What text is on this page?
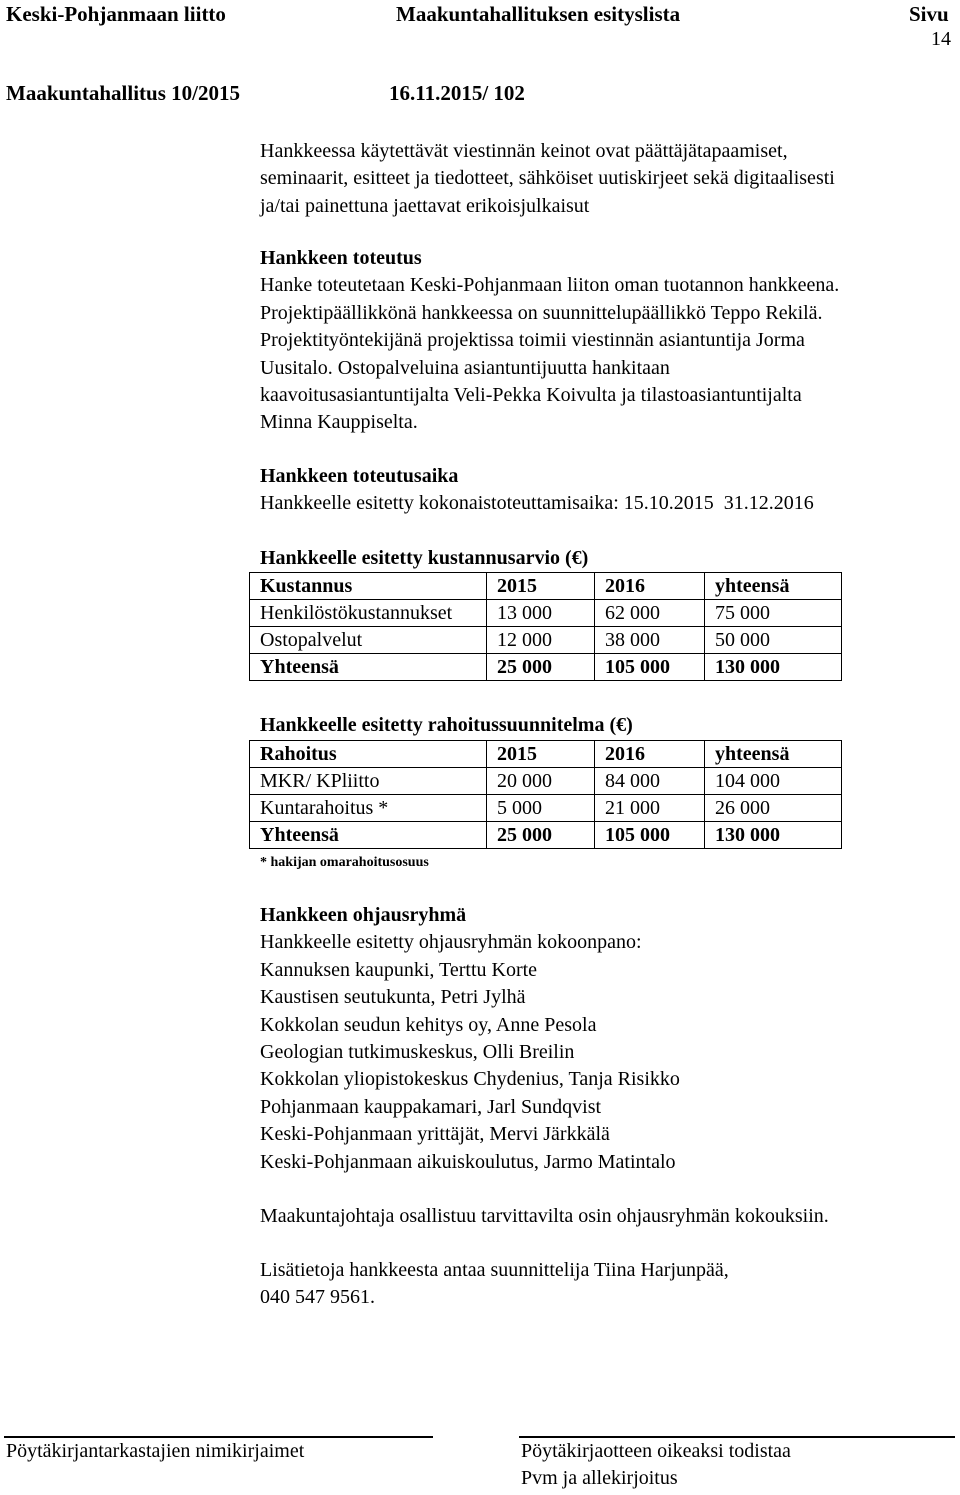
Keski-Pohjanmaan liitto	Maakuntahallituksen esityslista	Sivu
14
Maakuntahallitus 10/2015	16.11.2015/ 102
Hankkeessa käytettävät viestinnän keinot ovat päättäjätapaamiset,
seminaarit, esitteet ja tiedotteet, sähköiset uutiskirjeet sekä digitaalisesti
ja/tai painettuna jaettavat erikoisjulkaisut
Hankkeen toteutus
Hanke toteutetaan Keski-Pohjanmaan liiton oman tuotannon hankkeena.
Projektipäällikkönä hankkeessa on suunnittelupäällikkö Teppo Rekilä.
Projektityöntekijänä projektissa toimii viestinnän asiantuntija Jorma
Uusitalo. Ostopalveluina asiantuntijuutta hankitaan
kaavoitusasiantuntijalta Veli-Pekka Koivulta ja tilastoasiantuntijalta
Minna Kauppiselta.
Hankkeen toteutusaika
Hankkeelle esitetty kokonaistoteuttamisaika: 15.10.2015  31.12.2016
Hankkeelle esitetty kustannusarvio (€)
Kustannus	2015	2016	yhteensä
Henkilöstökustannukset	13 000	62 000	75 000
Ostopalvelut	12 000	38 000	50 000
Yhteensä	25 000	105 000	130 000
Hankkeelle esitetty rahoitussuunnitelma (€)
Rahoitus	2015	2016	yhteensä
MKR/ KPliitto	20 000	84 000	104 000
Kuntarahoitus *	5 000	21 000	26 000
Yhteensä	25 000	105 000	130 000
* hakijan omarahoitusosuus
Hankkeen ohjausryhmä
Hankkeelle esitetty ohjausryhmän kokoonpano:
Kannuksen kaupunki, Terttu Korte
Kaustisen seutukunta, Petri Jylhä
Kokkolan seudun kehitys oy, Anne Pesola
Geologian tutkimuskeskus, Olli Breilin
Kokkolan yliopistokeskus Chydenius, Tanja Risikko
Pohjanmaan kauppakamari, Jarl Sundqvist
Keski-Pohjanmaan yrittäjät, Mervi Järkkälä
Keski-Pohjanmaan aikuiskoulutus, Jarmo Matintalo
Maakuntajohtaja osallistuu tarvittavilta osin ohjausryhmän kokouksiin.
Lisätietoja hankkeesta antaa suunnittelija Tiina Harjunpää,
040 547 9561.
Pöytäkirjantarkastajien nimikirjaimet	Pöytäkirjaotteen oikeaksi todistaa
Pvm ja allekirjoitus
